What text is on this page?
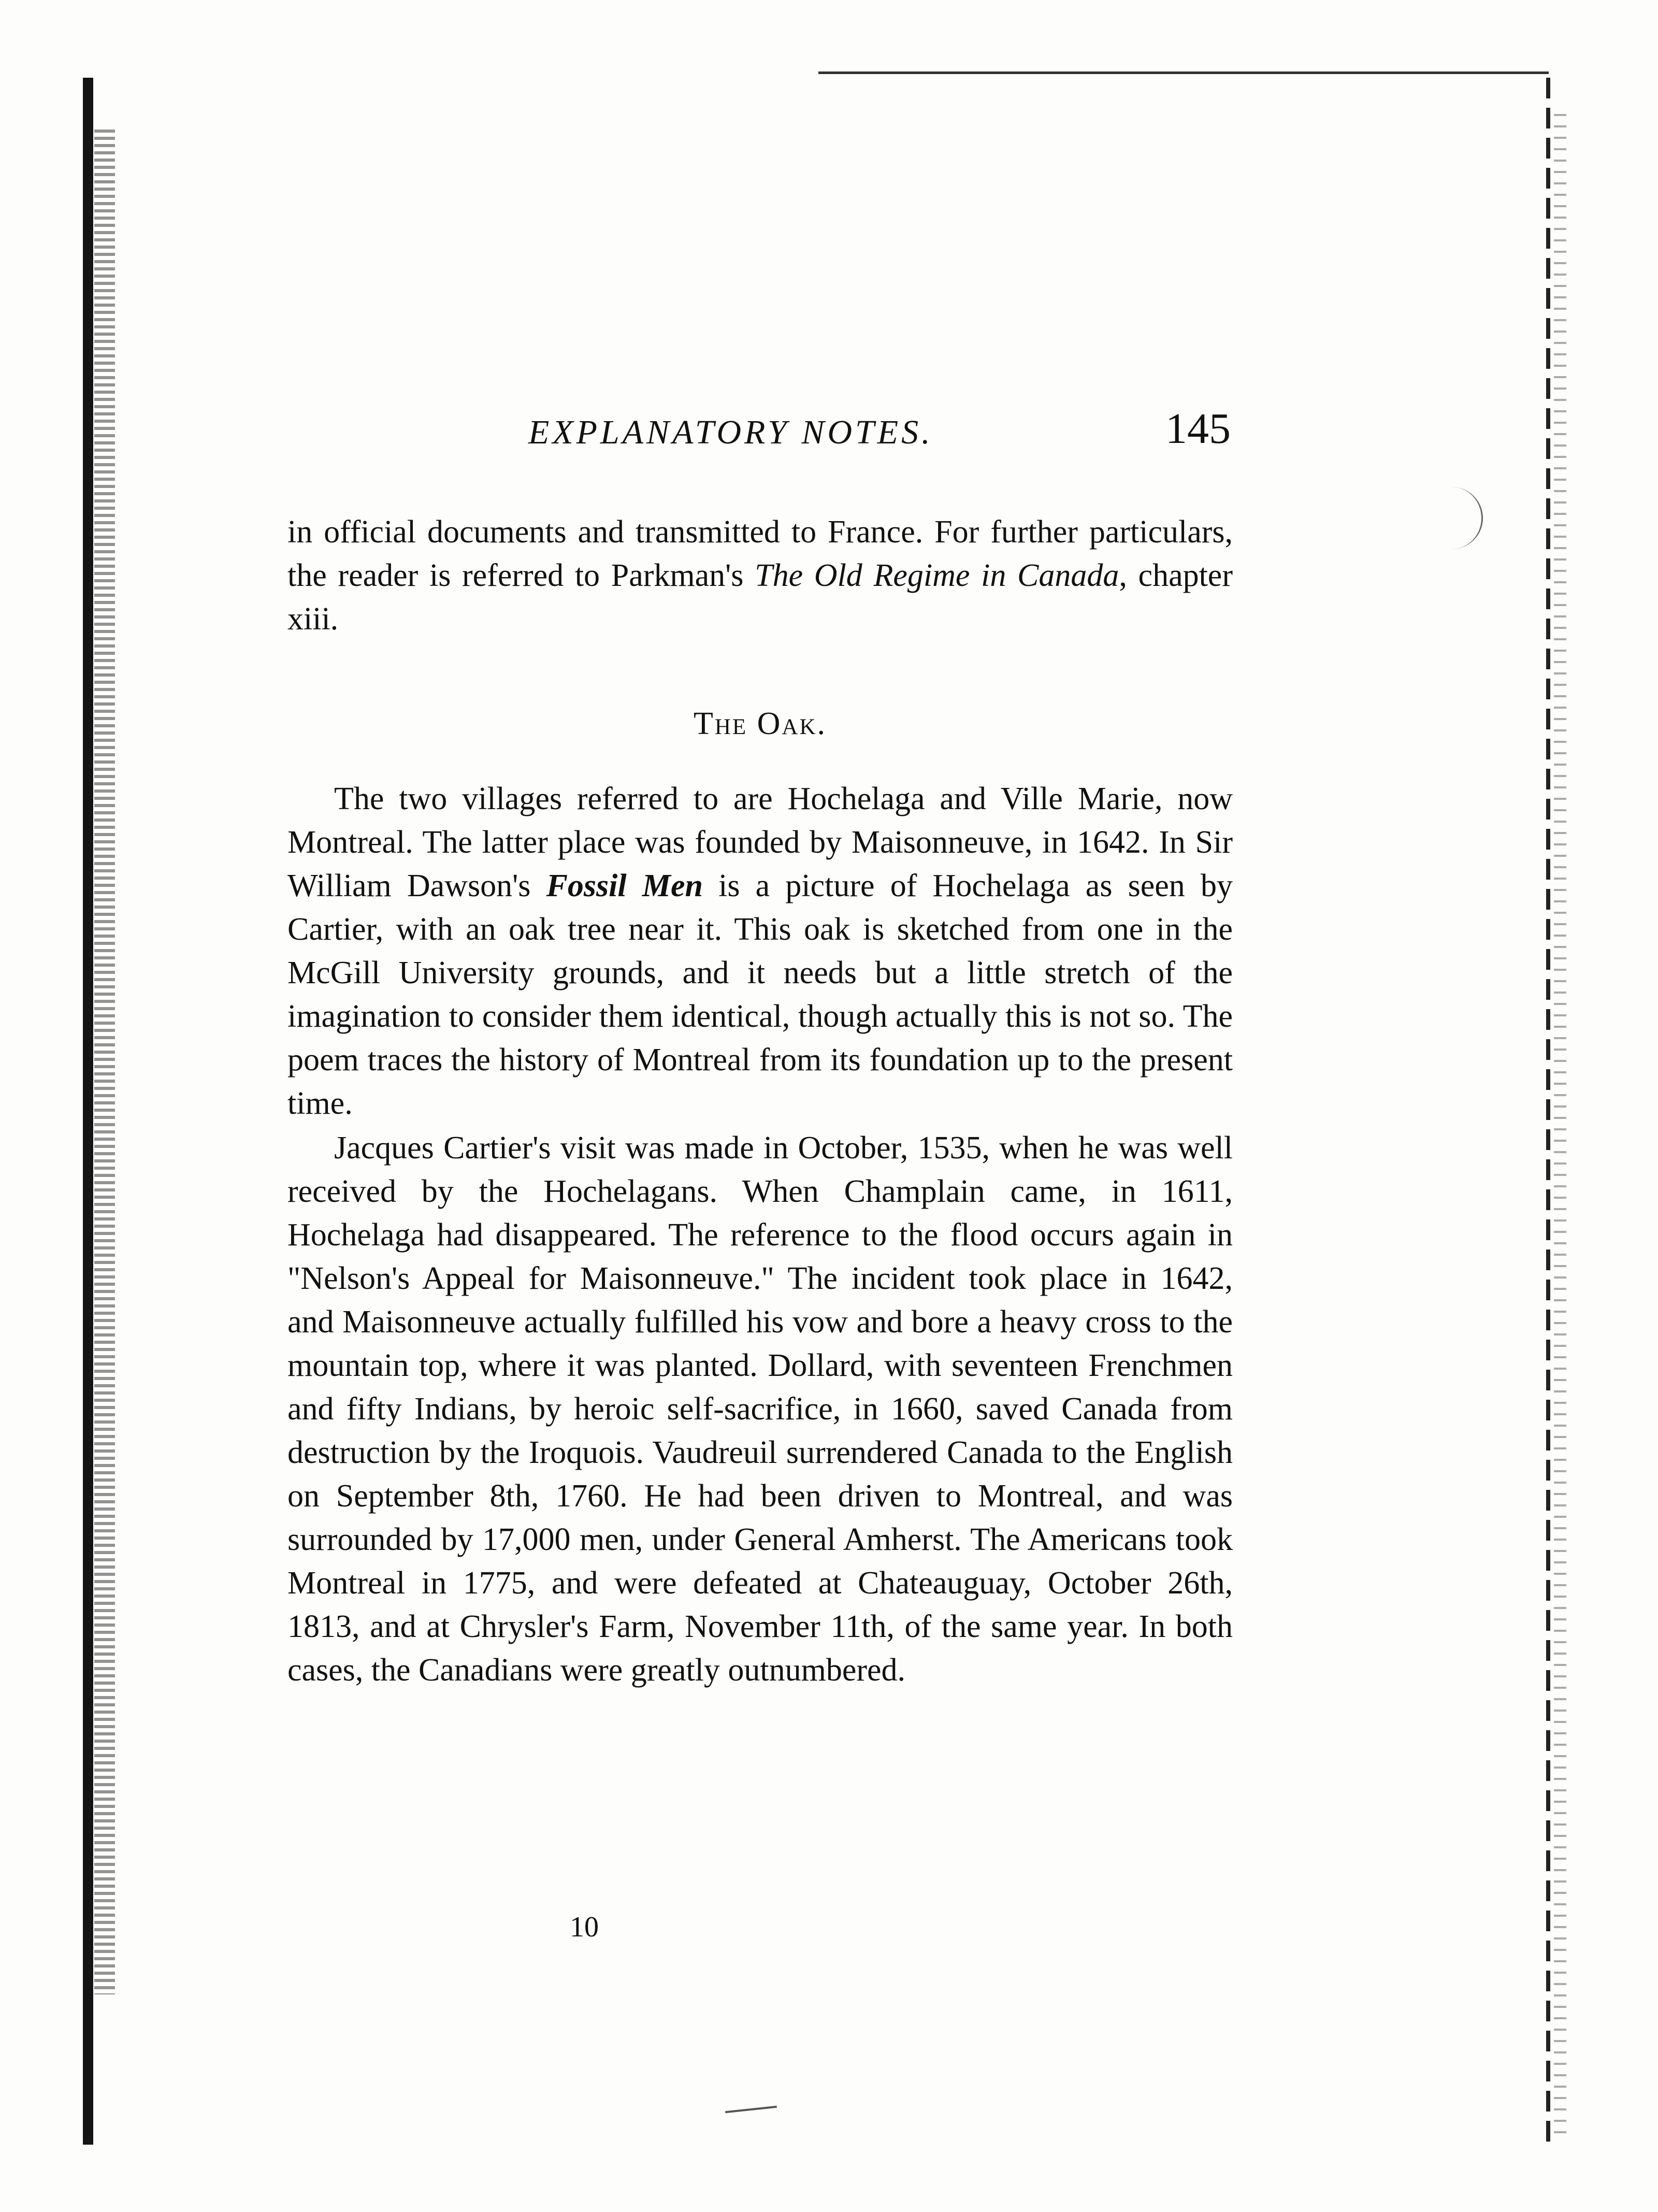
EXPLANATORY NOTES.	145

in official documents and transmitted to France. For further particulars, the reader is referred to Parkman's The Old Regime in Canada, chapter xiii.

The Oak.

The two villages referred to are Hochelaga and Ville Marie, now Montreal. The latter place was founded by Maisonneuve, in 1642. In Sir William Dawson's Fossil Men is a picture of Hochelaga as seen by Cartier, with an oak tree near it. This oak is sketched from one in the McGill University grounds, and it needs but a little stretch of the imagination to consider them identical, though actually this is not so. The poem traces the history of Montreal from its foundation up to the present time.

Jacques Cartier's visit was made in October, 1535, when he was well received by the Hochelagans. When Champlain came, in 1611, Hochelaga had disappeared. The reference to the flood occurs again in "Nelson's Appeal for Maisonneuve." The incident took place in 1642, and Maisonneuve actually fulfilled his vow and bore a heavy cross to the mountain top, where it was planted. Dollard, with seventeen Frenchmen and fifty Indians, by heroic self-sacrifice, in 1660, saved Canada from destruction by the Iroquois. Vaudreuil surrendered Canada to the English on September 8th, 1760. He had been driven to Montreal, and was surrounded by 17,000 men, under General Amherst. The Americans took Montreal in 1775, and were defeated at Chateauguay, October 26th, 1813, and at Chrysler's Farm, November 11th, of the same year. In both cases, the Canadians were greatly outnumbered.

10
